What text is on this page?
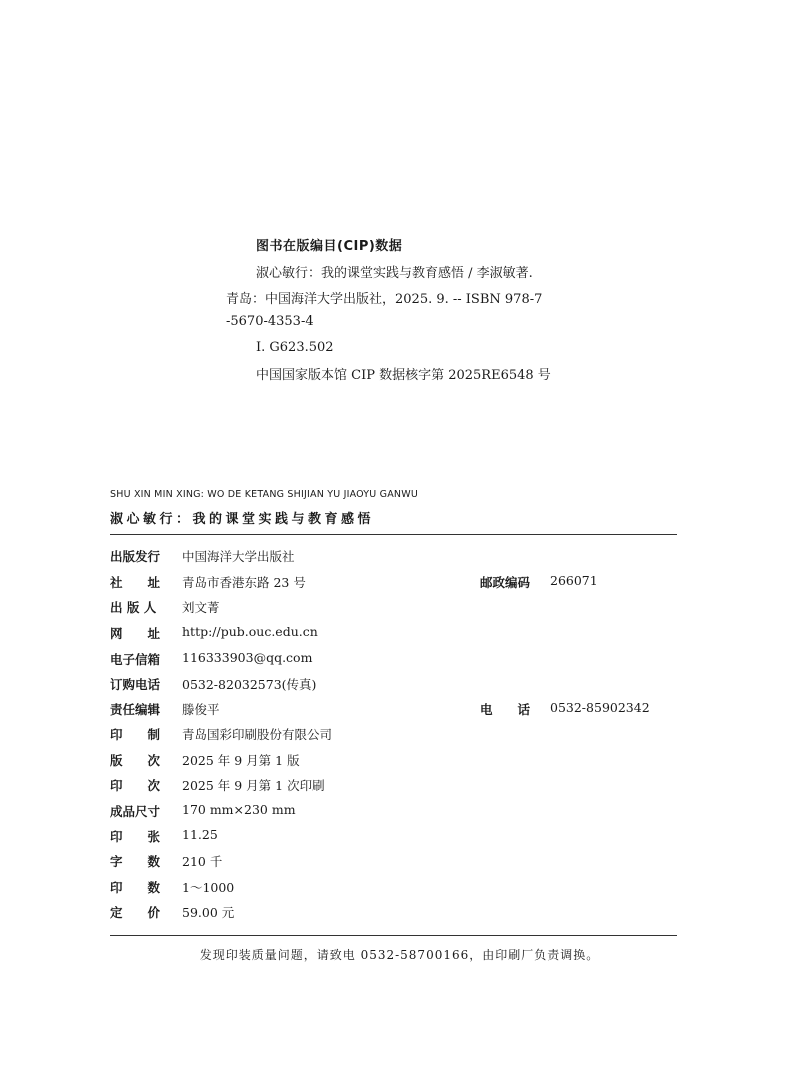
图书在版编目(CIP)数据
淑心敏行：我的课堂实践与教育感悟 / 李淑敏著.
青岛：中国海洋大学出版社，2025. 9. -- ISBN 978-7
-5670-4353-4
Ⅰ. G623.502
中国国家版本馆 CIP 数据核字第 2025RE6548 号
SHU XIN MIN XING: WO DE KETANG SHIJIAN YU JIAOYU GANWU
淑心敏行：我的课堂实践与教育感悟
出版发行 中国海洋大学出版社
社　　址 青岛市香港东路 23 号	邮政编码 266071
出 版 人 刘文菁
网　　址 http://pub.ouc.edu.cn
电子信箱 116333903@qq.com
订购电话 0532-82032573(传真)
责任编辑 滕俊平	电　　话 0532-85902342
印　　制 青岛国彩印刷股份有限公司
版　　次 2025 年 9 月第 1 版
印　　次 2025 年 9 月第 1 次印刷
成品尺寸 170 mm×230 mm
印　　张 11.25
字　　数 210 千
印　　数 1～1000
定　　价 59.00 元
发现印装质量问题，请致电 0532-58700166，由印刷厂负责调换。
